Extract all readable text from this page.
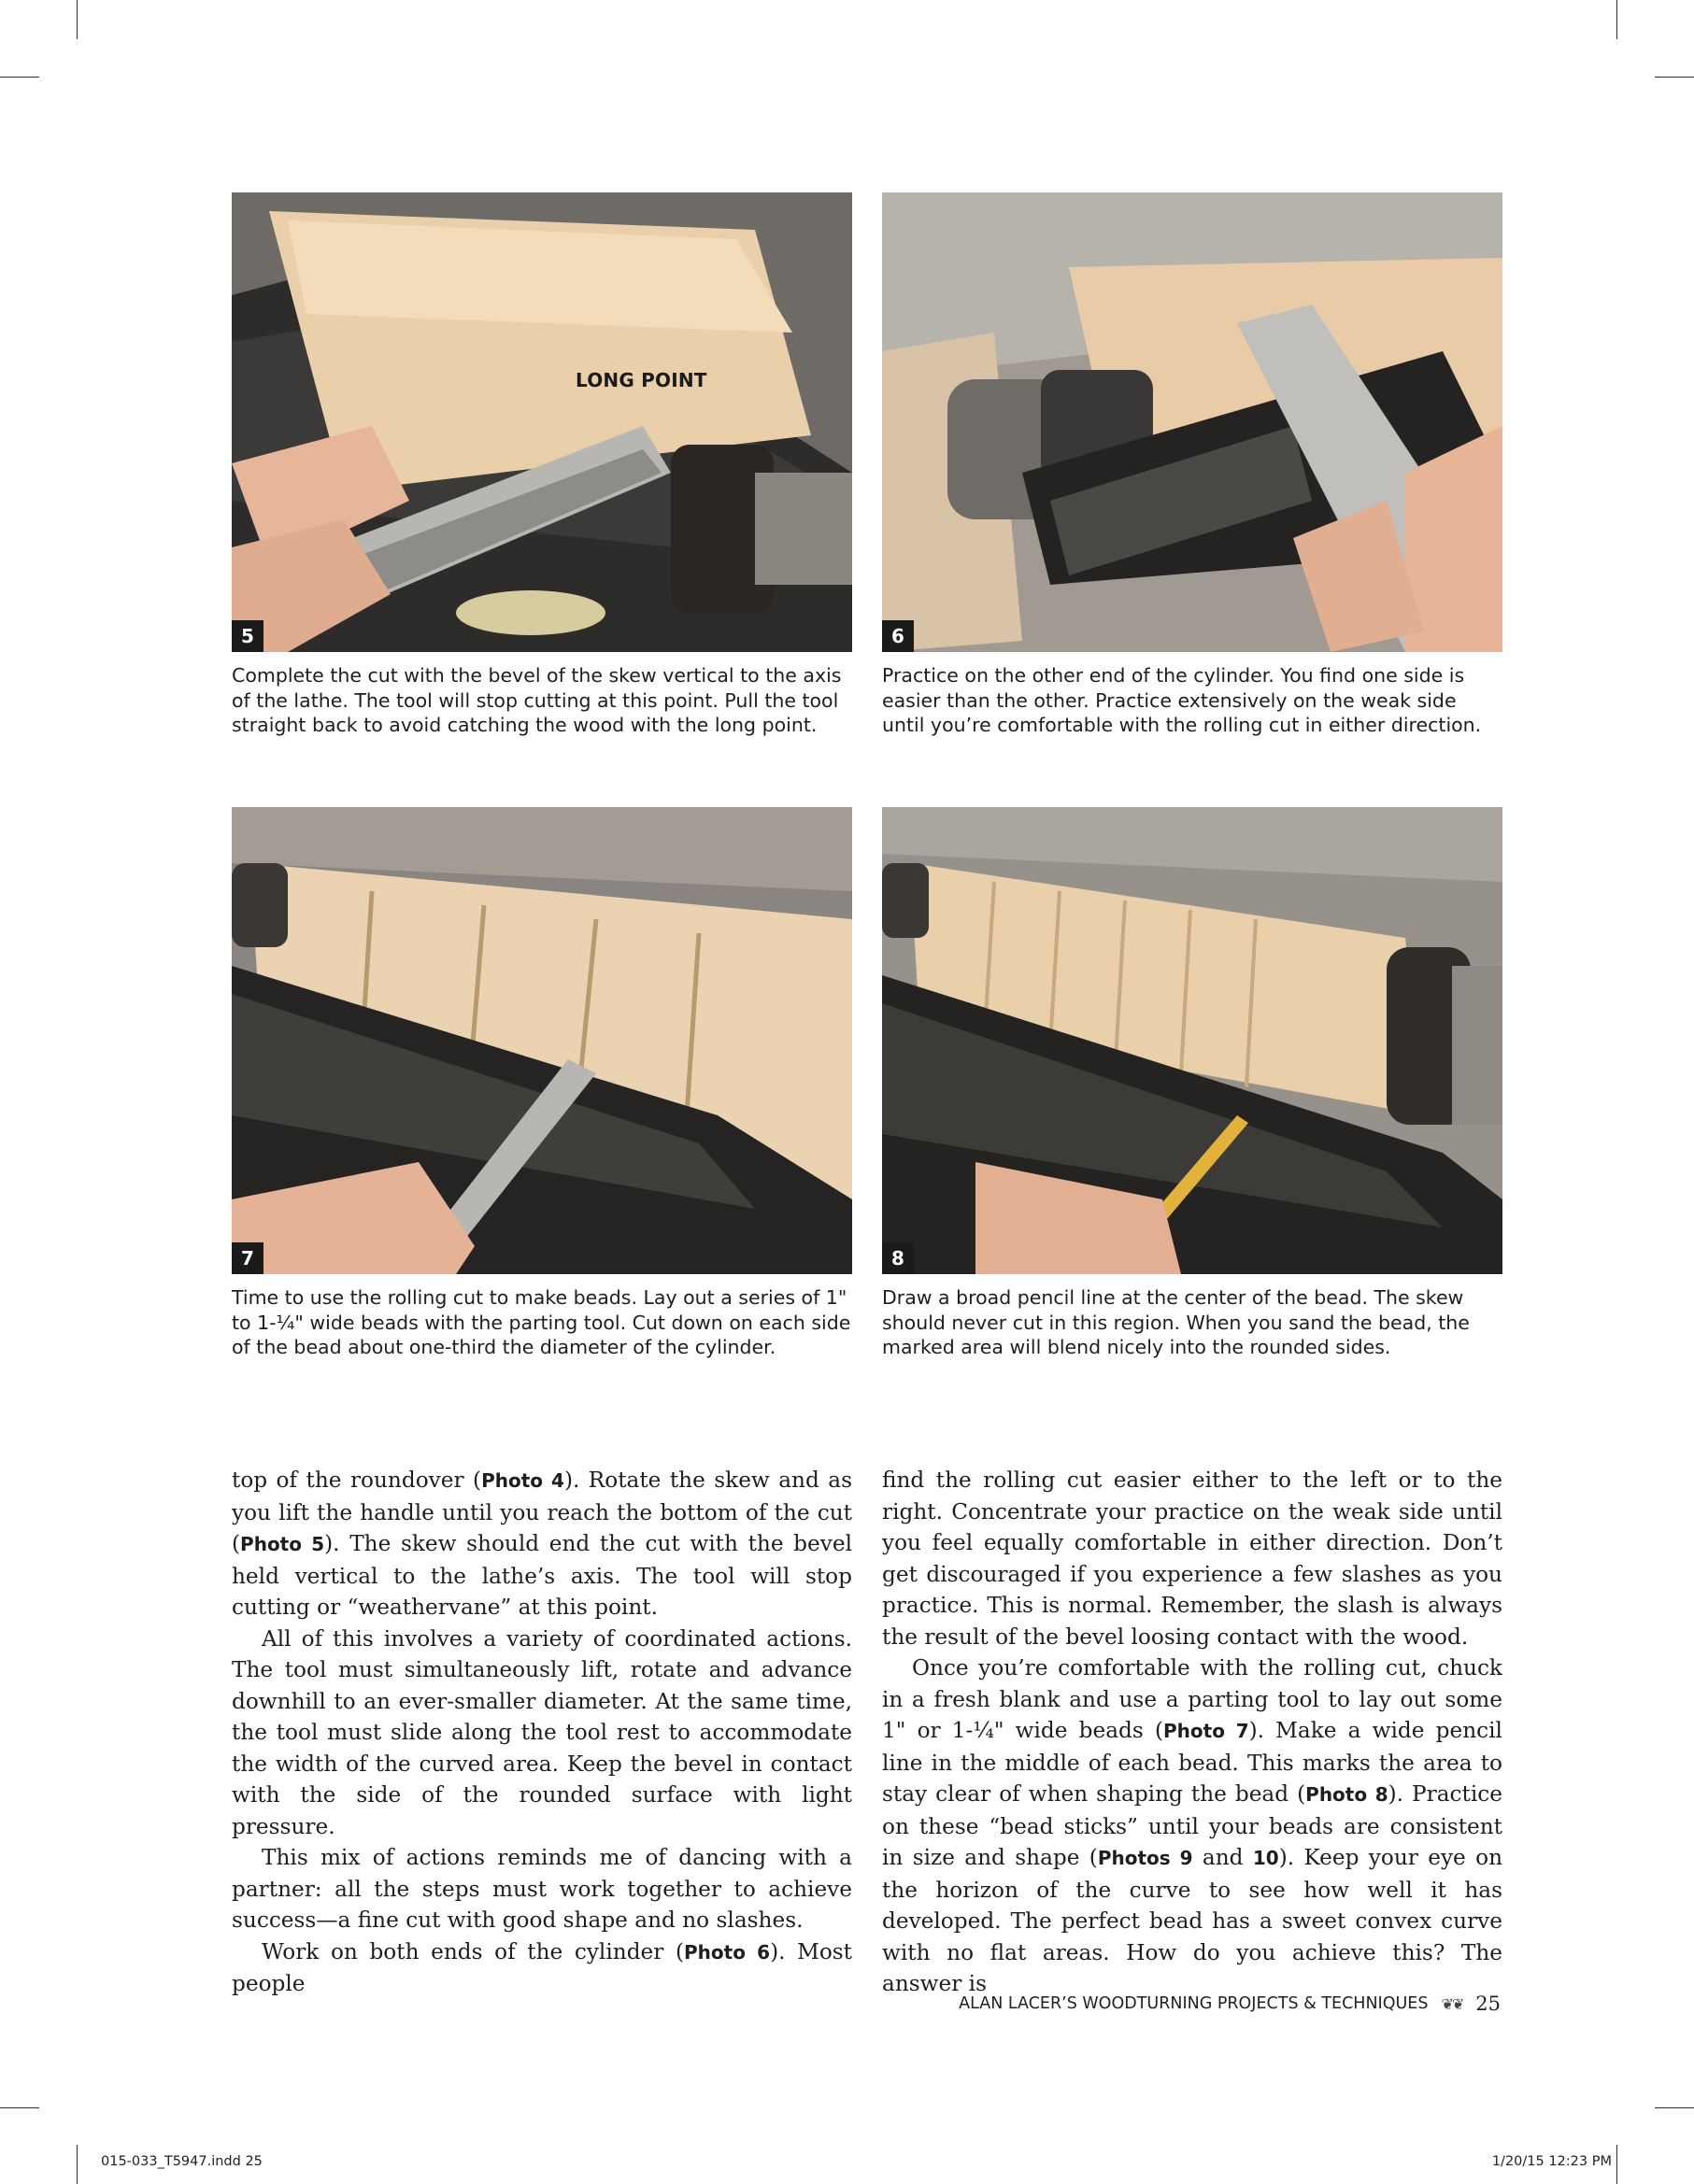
LONG POINT
5	6
Complete the cut with the bevel of the skew vertical to the axis of the lathe. The tool will stop cutting at this point. Pull the tool straight back to avoid catching the wood with the long point.
Practice on the other end of the cylinder. You find one side is easier than the other. Practice extensively on the weak side until you’re comfortable with the rolling cut in either direction.
7	8
Time to use the rolling cut to make beads. Lay out a series of 1" to 1-¼" wide beads with the parting tool. Cut down on each side of the bead about one-third the diameter of the cylinder.
Draw a broad pencil line at the center of the bead. The skew should never cut in this region. When you sand the bead, the marked area will blend nicely into the rounded sides.

top of the roundover (Photo 4). Rotate the skew and as you lift the handle until you reach the bottom of the cut (Photo 5). The skew should end the cut with the bevel held vertical to the lathe’s axis. The tool will stop cutting or “weathervane” at this point.

All of this involves a variety of coordinated actions. The tool must simultaneously lift, rotate and advance downhill to an ever-smaller diameter. At the same time, the tool must slide along the tool rest to accommodate the width of the curved area. Keep the bevel in contact with the side of the rounded surface with light pressure.

This mix of actions reminds me of dancing with a partner: all the steps must work together to achieve success—a fine cut with good shape and no slashes.

Work on both ends of the cylinder (Photo 6). Most people

find the rolling cut easier either to the left or to the right. Concentrate your practice on the weak side until you feel equally comfortable in either direction. Don’t get discouraged if you experience a few slashes as you practice. This is normal. Remember, the slash is always the result of the bevel loosing contact with the wood.

Once you’re comfortable with the rolling cut, chuck in a fresh blank and use a parting tool to lay out some 1" or 1-¼" wide beads (Photo 7). Make a wide pencil line in the middle of each bead. This marks the area to stay clear of when shaping the bead (Photo 8). Practice on these “bead sticks” until your beads are consistent in size and shape (Photos 9 and 10). Keep your eye on the horizon of the curve to see how well it has developed. The perfect bead has a sweet convex curve with no flat areas. How do you achieve this? The answer is

ALAN LACER’S WOODTURNING PROJECTS & TECHNIQUES ❦❦ 25
015-033_T5947.indd 25	1/20/15 12:23 PM
